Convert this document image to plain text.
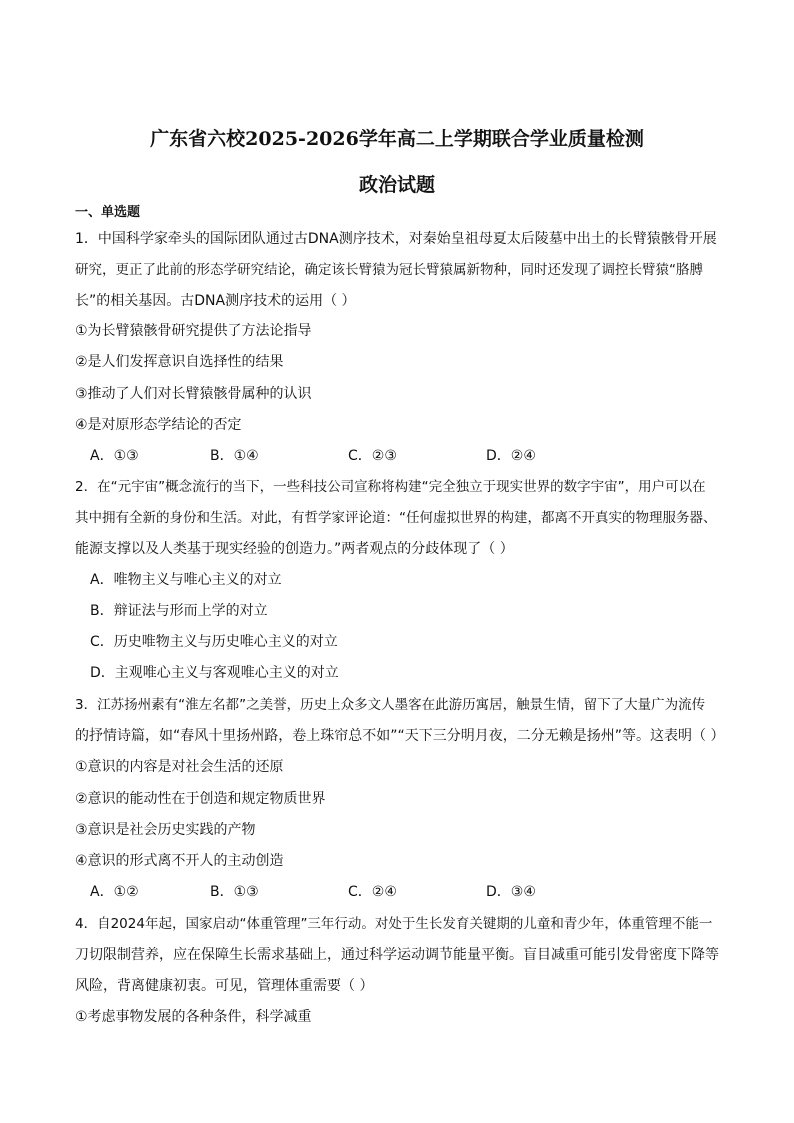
广东省六校2025-2026学年高二上学期联合学业质量检测
政治试题
一、单选题
1．中国科学家牵头的国际团队通过古DNA测序技术，对秦始皇祖母夏太后陵墓中出土的长臂猿骸骨开展
研究，更正了此前的形态学研究结论，确定该长臂猿为冠长臂猿属新物种，同时还发现了调控长臂猿“胳膊
长”的相关基因。古DNA测序技术的运用（ ）
①为长臂猿骸骨研究提供了方法论指导
②是人们发挥意识自选择性的结果
③推动了人们对长臂猿骸骨属种的认识
④是对原形态学结论的否定
A．①③	B．①④	C．②③	D．②④
2．在“元宇宙”概念流行的当下，一些科技公司宣称将构建“完全独立于现实世界的数字宇宙”，用户可以在
其中拥有全新的身份和生活。对此，有哲学家评论道：“任何虚拟世界的构建，都离不开真实的物理服务器、
能源支撑以及人类基于现实经验的创造力。”两者观点的分歧体现了（ ）
A．唯物主义与唯心主义的对立
B．辩证法与形而上学的对立
C．历史唯物主义与历史唯心主义的对立
D．主观唯心主义与客观唯心主义的对立
3．江苏扬州素有“淮左名都”之美誉，历史上众多文人墨客在此游历寓居，触景生情，留下了大量广为流传
的抒情诗篇，如“春风十里扬州路，卷上珠帘总不如”“天下三分明月夜，二分无赖是扬州”等。这表明（ ）
①意识的内容是对社会生活的还原
②意识的能动性在于创造和规定物质世界
③意识是社会历史实践的产物
④意识的形式离不开人的主动创造
A．①②	B．①③	C．②④	D．③④
4．自2024年起，国家启动“体重管理”三年行动。对处于生长发育关键期的儿童和青少年，体重管理不能一
刀切限制营养，应在保障生长需求基础上，通过科学运动调节能量平衡。盲目减重可能引发骨密度下降等
风险，背离健康初衷。可见，管理体重需要（ ）
①考虑事物发展的各种条件，科学减重
